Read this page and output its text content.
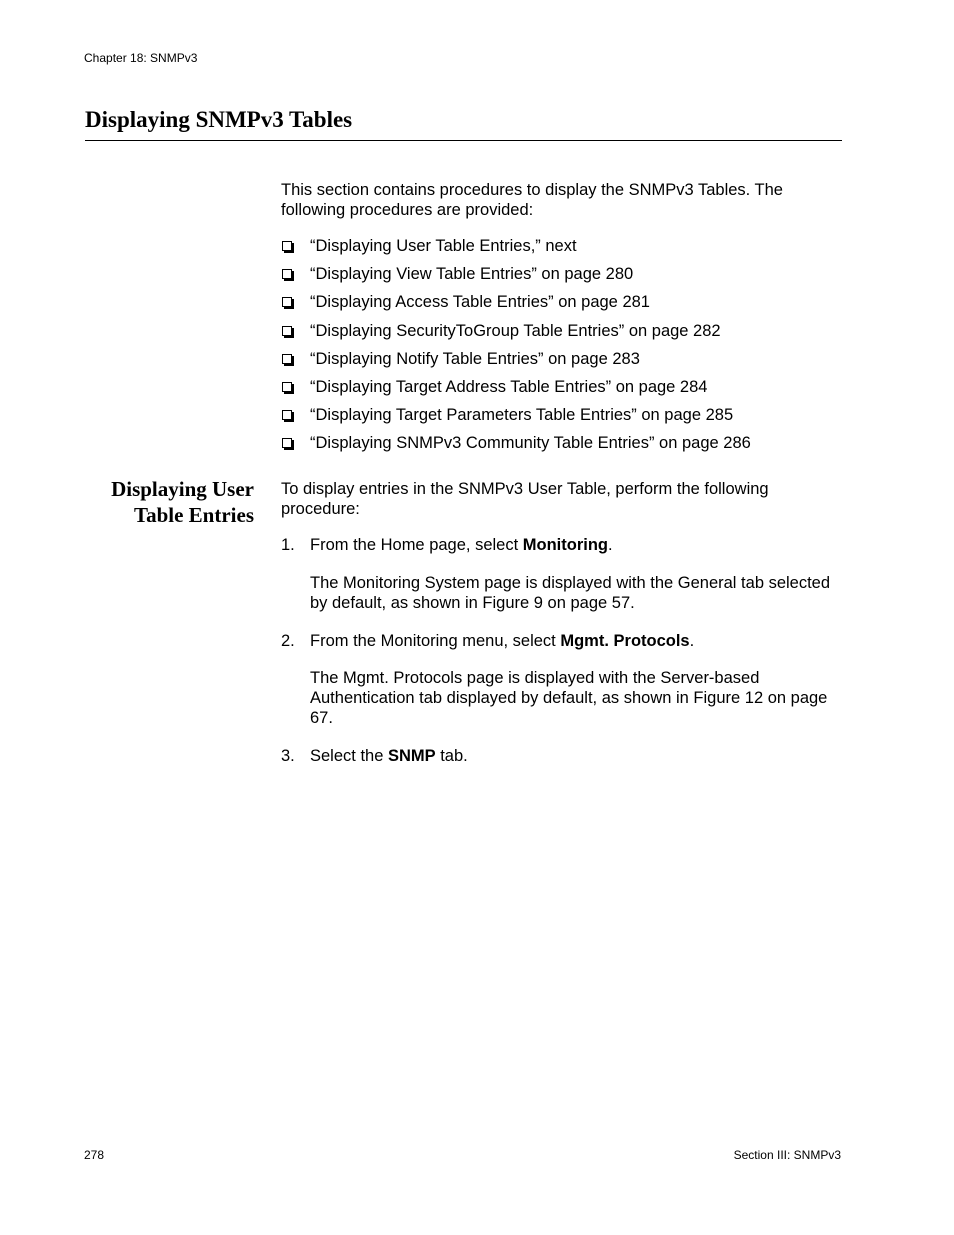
Chapter 18: SNMPv3
Displaying SNMPv3 Tables

This section contains procedures to display the SNMPv3 Tables. The following procedures are provided:

“Displaying User Table Entries,” next
“Displaying View Table Entries” on page 280
“Displaying Access Table Entries” on page 281
“Displaying SecurityToGroup Table Entries” on page 282
“Displaying Notify Table Entries” on page 283
“Displaying Target Address Table Entries” on page 284
“Displaying Target Parameters Table Entries” on page 285
“Displaying SNMPv3 Community Table Entries” on page 286
Displaying User
Table Entries

To display entries in the SNMPv3 User Table, perform the following procedure:

1. From the Home page, select Monitoring.

The Monitoring System page is displayed with the General tab selected by default, as shown in Figure 9 on page 57.

2. From the Monitoring menu, select Mgmt. Protocols.

The Mgmt. Protocols page is displayed with the Server-based Authentication tab displayed by default, as shown in Figure 12 on page 67.

3. Select the SNMP tab.
278	Section III: SNMPv3
